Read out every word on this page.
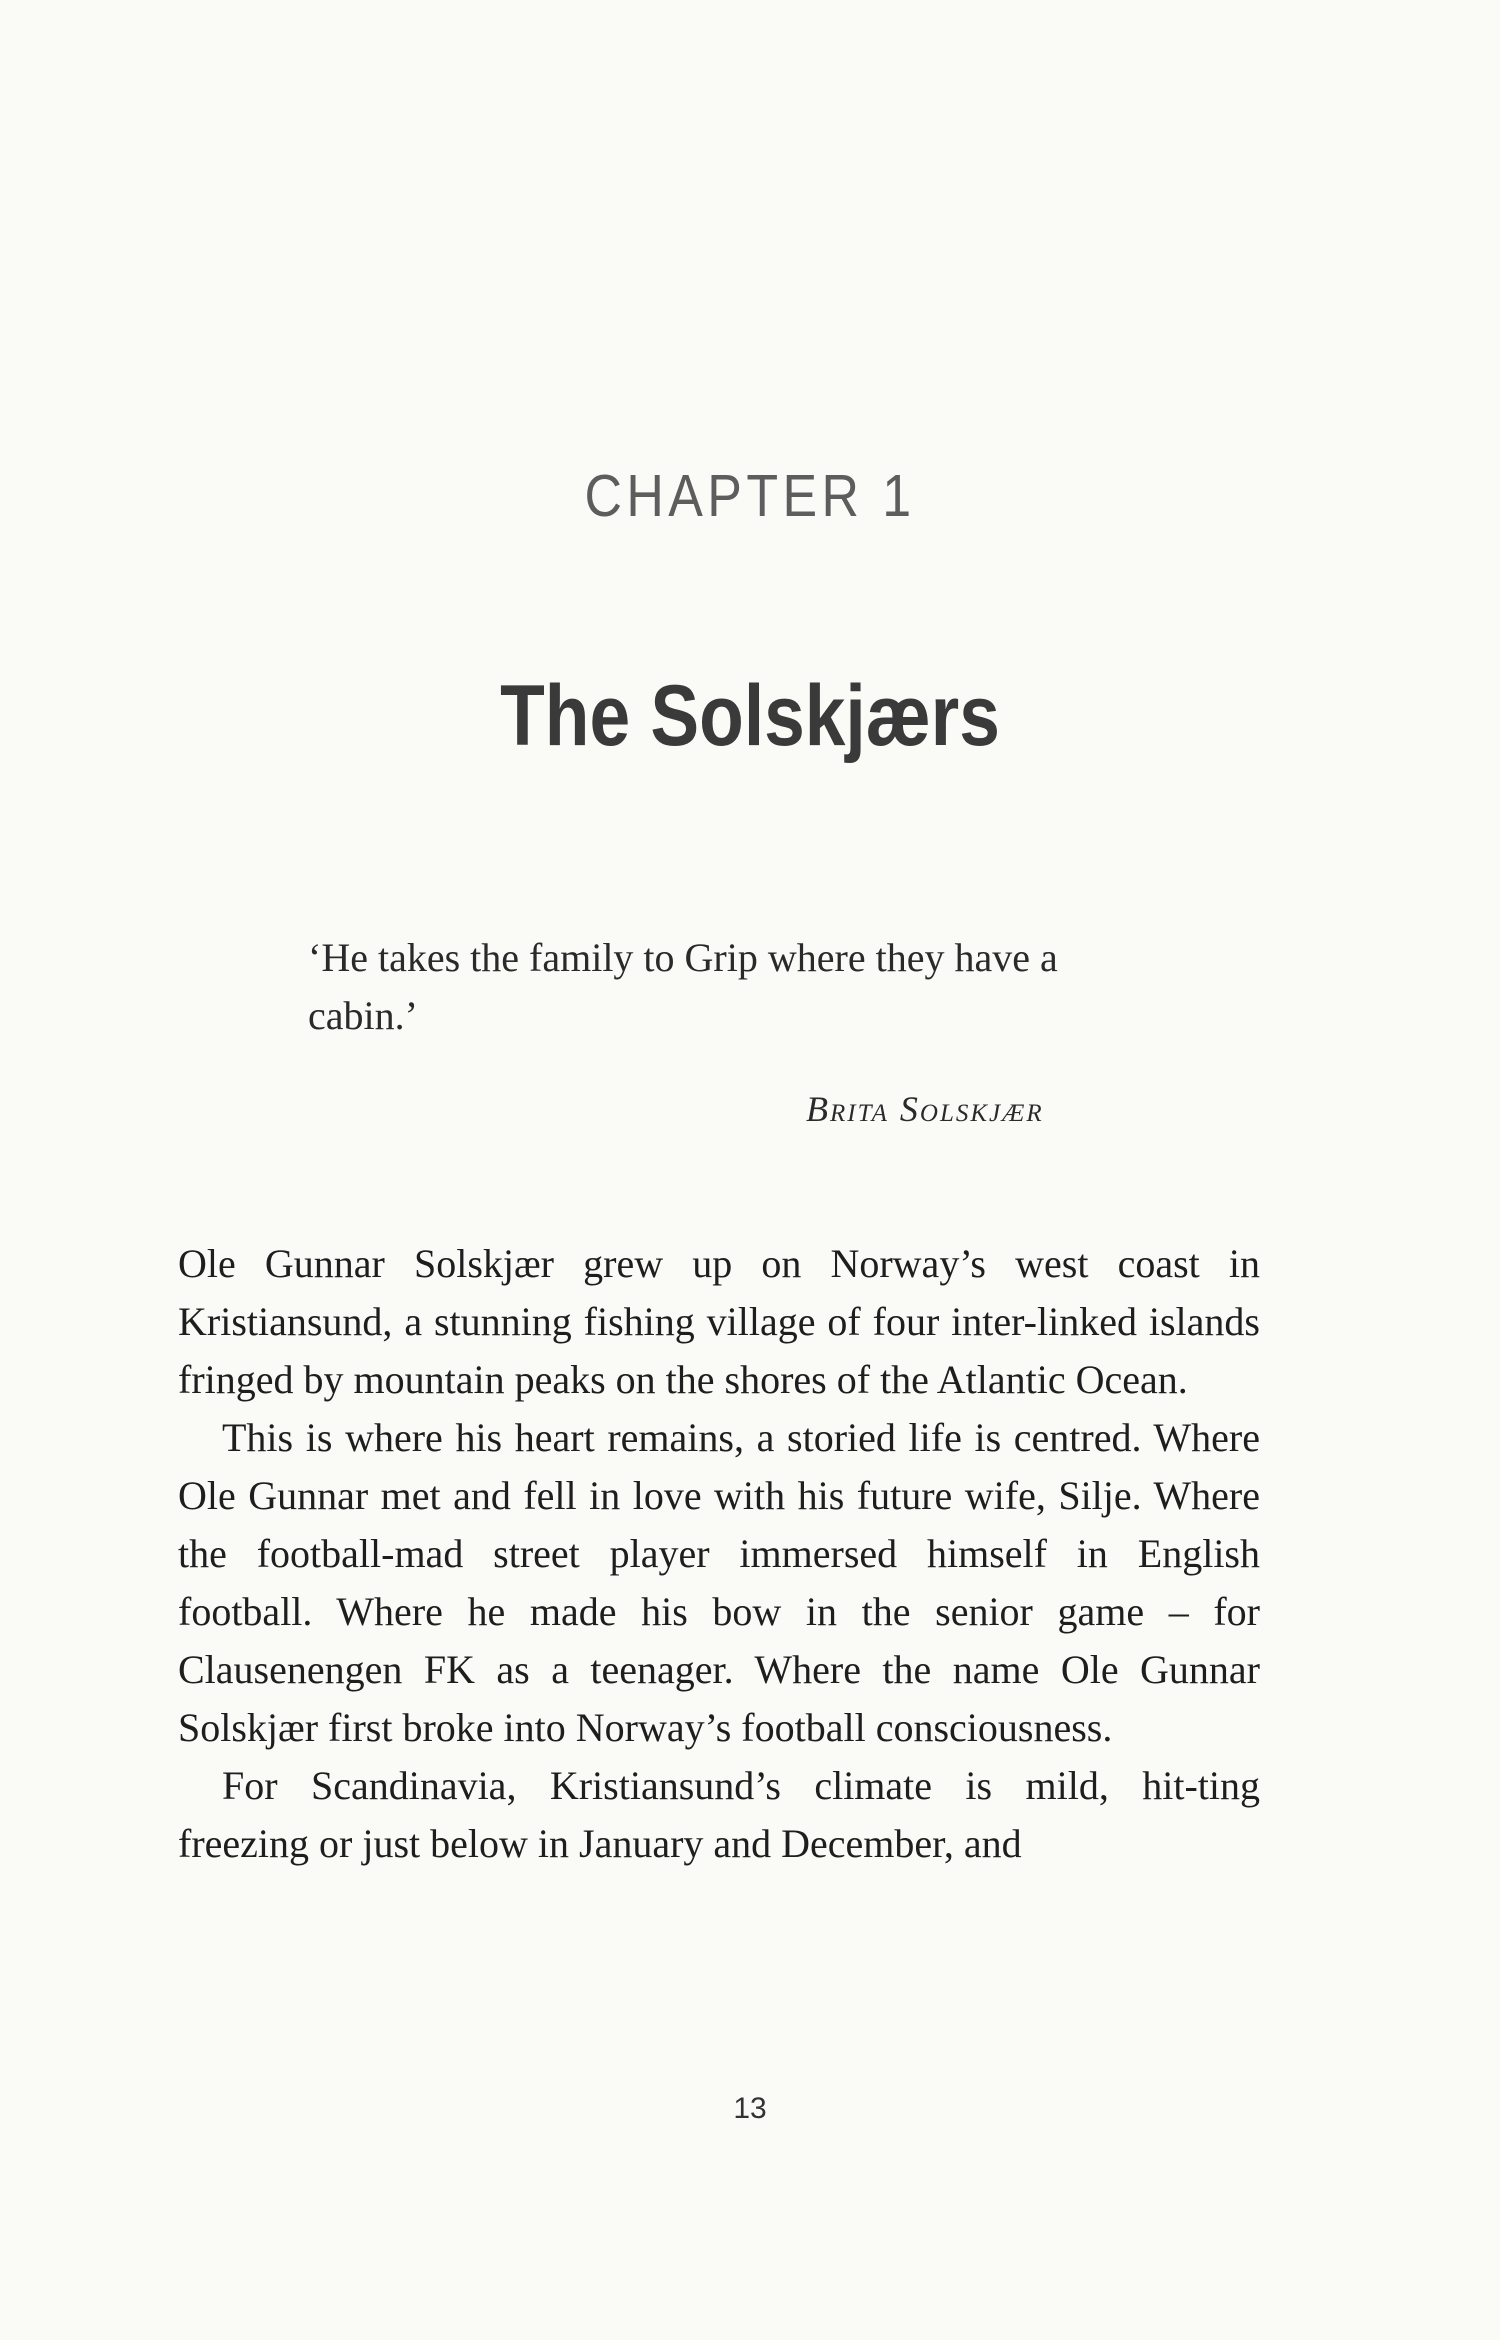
CHAPTER 1
The Solskjærs
‘He takes the family to Grip where they have a cabin.’
Brita Solskjær

Ole Gunnar Solskjær grew up on Norway’s west coast in Kristiansund, a stunning fishing village of four inter-linked islands fringed by mountain peaks on the shores of the Atlantic Ocean.

This is where his heart remains, a storied life is centred. Where Ole Gunnar met and fell in love with his future wife, Silje. Where the football-mad street player immersed himself in English football. Where he made his bow in the senior game – for Clausenengen FK as a teenager. Where the name Ole Gunnar Solskjær first broke into Norway’s football consciousness.

For Scandinavia, Kristiansund’s climate is mild, hit-ting freezing or just below in January and December, and

13
